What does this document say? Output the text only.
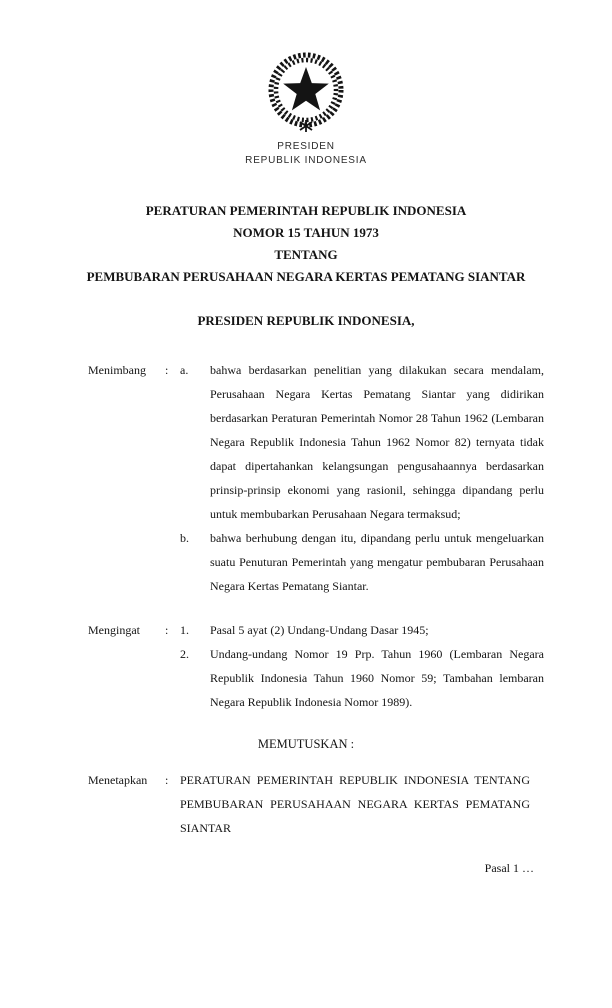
PRESIDEN
REPUBLIK INDONESIA
PERATURAN PEMERINTAH REPUBLIK INDONESIA
NOMOR 15 TAHUN 1973
TENTANG
PEMBUBARAN PERUSAHAAN NEGARA KERTAS PEMATANG SIANTAR
PRESIDEN REPUBLIK INDONESIA,
Menimbang	: a.	bahwa berdasarkan penelitian yang dilakukan secara mendalam, Perusahaan Negara Kertas Pematang Siantar yang didirikan berdasarkan Peraturan Pemerintah Nomor 28 Tahun 1962 (Lembaran Negara Republik Indonesia Tahun 1962 Nomor 82) ternyata tidak dapat dipertahankan kelangsungan pengusahaannya berdasarkan prinsip-prinsip ekonomi yang rasionil, sehingga dipandang perlu untuk membubarkan Perusahaan Negara termaksud;
b.	bahwa berhubung dengan itu, dipandang perlu untuk mengeluarkan suatu Penuturan Pemerintah yang mengatur pembubaran Perusahaan Negara Kertas Pematang Siantar.
Mengingat	: 1.	Pasal 5 ayat (2) Undang-Undang Dasar 1945;
2.	Undang-undang Nomor 19 Prp. Tahun 1960 (Lembaran Negara Republik Indonesia Tahun 1960 Nomor 59; Tambahan lembaran Negara Republik Indonesia Nomor 1989).
MEMUTUSKAN :
Menetapkan	: PERATURAN PEMERINTAH REPUBLIK INDONESIA TENTANG PEMBUBARAN PERUSAHAAN NEGARA KERTAS PEMATANG SIANTAR
Pasal 1 …
